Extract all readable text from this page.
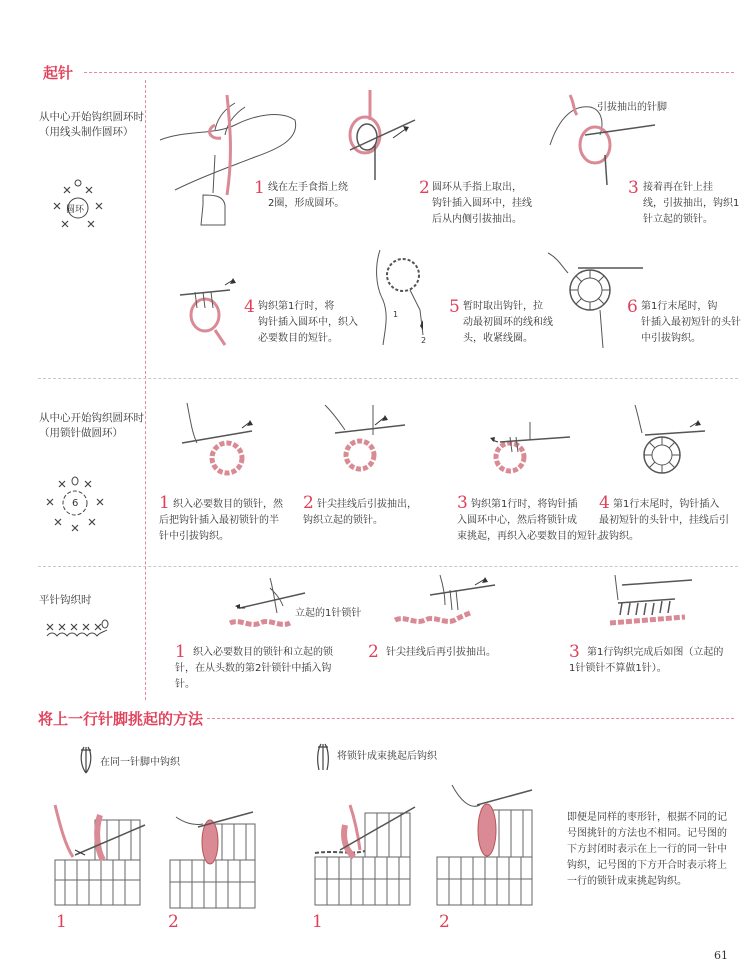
起针
从中心开始钩织圆环时
（用线头制作圆环）
圆环
引拔抽出的针脚
1 线在左手食指上绕
2圈，形成圆环。
2 圆环从手指上取出，
钩针插入圆环中，挂线
后从内侧引拔抽出。
3 接着再在针上挂
线，引拔抽出，钩织1
针立起的锁针。
1
2
4 钩织第1行时，将
钩针插入圆环中，织入
必要数目的短针。
5 暂时取出钩针，拉
动最初圆环的线和线
头，收紧线圈。
6 第1行末尾时，钩
针插入最初短针的头针
中引拔钩织。
从中心开始钩织圆环时
（用锁针做圆环）
6	1 织入必要数目的锁针，然
后把钩针插入最初锁针的半
针中引拔钩织。
2 针尖挂线后引拔抽出，
钩织立起的锁针。
3 钩织第1行时，将钩针插
入圆环中心，然后将锁针成
束挑起，再织入必要数目的短针。
4 第1行末尾时，钩针插入
最初短针的头针中，挂线后引
拔钩织。
平针钩织时
立起的1针锁针
1 织入必要数目的锁针和立起的锁
针，在从头数的第2针锁针中插入钩
针。
2 针尖挂线后再引拔抽出。	3 第1行钩织完成后如图（立起的
1针锁针不算做1针）。
将上一行针脚挑起的方法
在同一针脚中钩织
将锁针成束挑起后钩织
1	2	1	2
即便是同样的枣形针，根据不同的记
号图挑针的方法也不相同。记号图的
下方封闭时表示在上一行的同一针中
钩织，记号图的下方开合时表示将上
一行的锁针成束挑起钩织。
61
